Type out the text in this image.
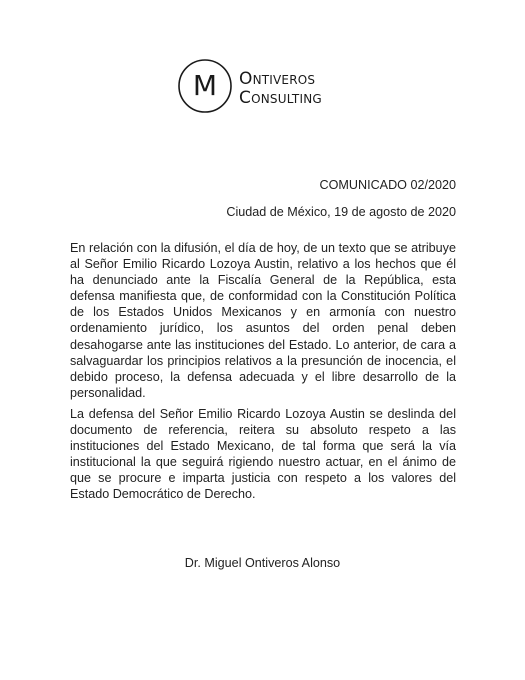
M Ontiveros
Consulting
COMUNICADO 02/2020
Ciudad de México, 19 de agosto de 2020

En relación con la difusión, el día de hoy, de un texto que se atribuye al Señor Emilio Ricardo Lozoya Austin, relativo a los hechos que él ha denunciado ante la Fiscalía General de la República, esta defensa manifiesta que, de conformidad con la Constitución Política de los Estados Unidos Mexicanos y en armonía con nuestro ordenamiento jurídico, los asuntos del orden penal deben desahogarse ante las instituciones del Estado. Lo anterior, de cara a salvaguardar los principios relativos a la presunción de inocencia, el debido proceso, la defensa adecuada y el libre desarrollo de la personalidad.

La defensa del Señor Emilio Ricardo Lozoya Austin se deslinda del documento de referencia, reitera su absoluto respeto a las instituciones del Estado Mexicano, de tal forma que será la vía institucional la que seguirá rigiendo nuestro actuar, en el ánimo de que se procure e imparta justicia con respeto a los valores del Estado Democrático de Derecho.

Dr. Miguel Ontiveros Alonso
